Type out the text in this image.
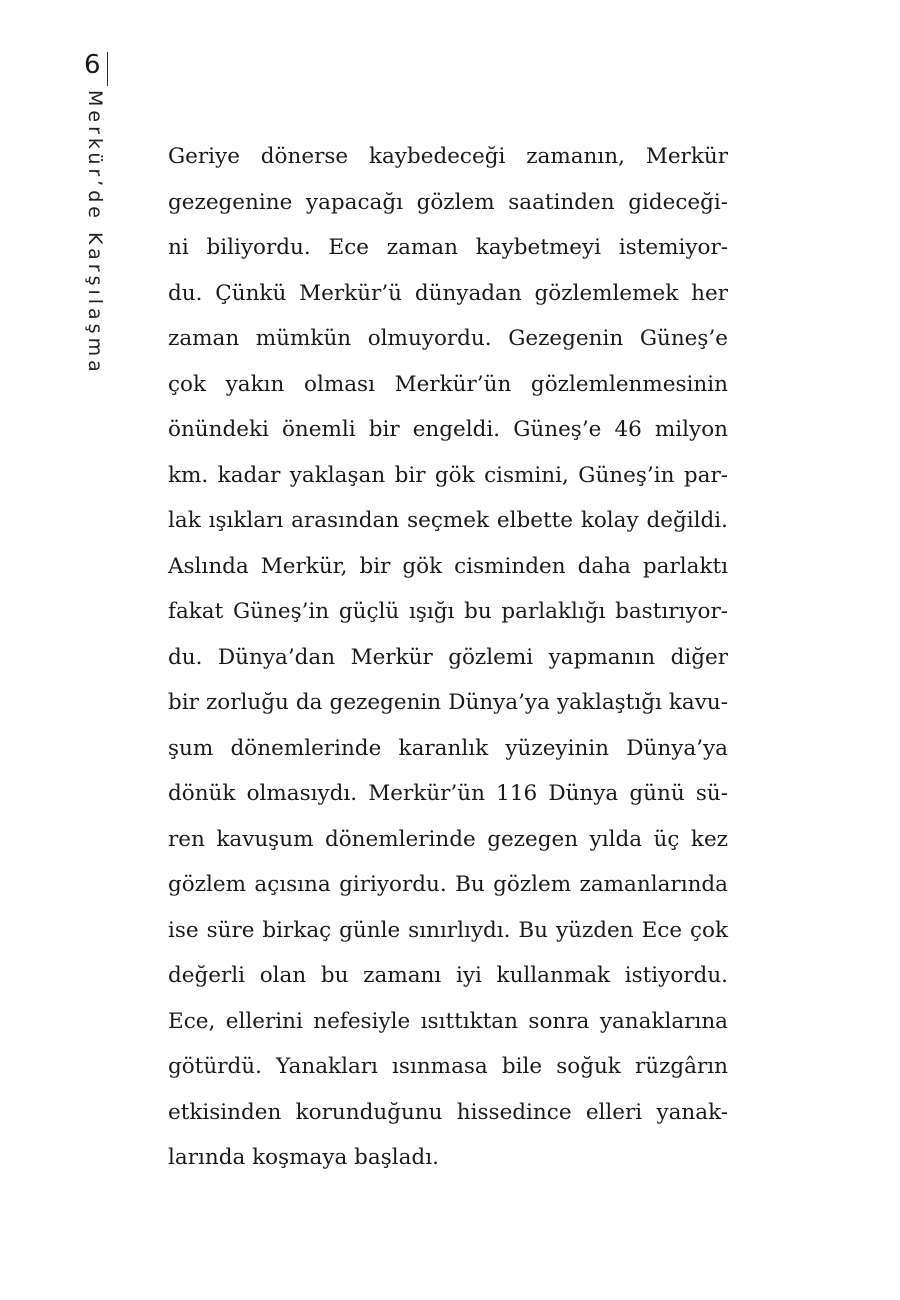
6
Merkür’de Karşılaşma	Geriye dönerse kaybedeceği zamanın, Merkür
gezegenine yapacağı gözlem saatinden gideceği-
ni biliyordu. Ece zaman kaybetmeyi istemiyor-
du. Çünkü Merkür’ü dünyadan gözlemlemek her
zaman mümkün olmuyordu. Gezegenin Güneş’e
çok yakın olması Merkür’ün gözlemlenmesinin
önündeki önemli bir engeldi. Güneş’e 46 milyon
km. kadar yaklaşan bir gök cismini, Güneş’in par-
lak ışıkları arasından seçmek elbette kolay değildi.
Aslında Merkür, bir gök cisminden daha parlaktı
fakat Güneş’in güçlü ışığı bu parlaklığı bastırıyor-
du. Dünya’dan Merkür gözlemi yapmanın diğer
bir zorluğu da gezegenin Dünya’ya yaklaştığı kavu-
şum dönemlerinde karanlık yüzeyinin Dünya’ya
dönük olmasıydı. Merkür’ün 116 Dünya günü sü-
ren kavuşum dönemlerinde gezegen yılda üç kez
gözlem açısına giriyordu. Bu gözlem zamanlarında
ise süre birkaç günle sınırlıydı. Bu yüzden Ece çok
değerli olan bu zamanı iyi kullanmak istiyordu.
Ece, ellerini nefesiyle ısıttıktan sonra yanaklarına
götürdü. Yanakları ısınmasa bile soğuk rüzgârın
etkisinden korunduğunu hissedince elleri yanak-
larında koşmaya başladı.
